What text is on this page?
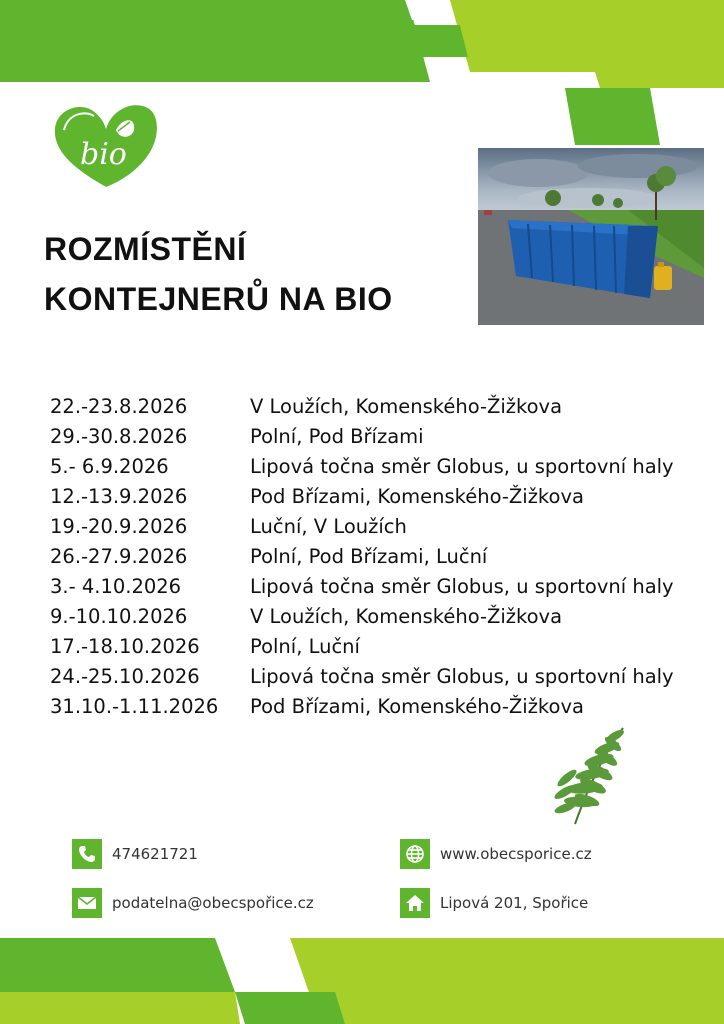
bio
ROZMÍSTĚNÍ
KONTEJNERŮ NA BIO
22.-23.8.2026	V Loužích, Komenského-Žižkova
29.-30.8.2026	Polní, Pod Břízami
5.- 6.9.2026	Lipová točna směr Globus, u sportovní haly
12.-13.9.2026	Pod Břízami, Komenského-Žižkova
19.-20.9.2026	Luční, V Loužích
26.-27.9.2026	Polní, Pod Břízami, Luční
3.- 4.10.2026	Lipová točna směr Globus, u sportovní haly
9.-10.10.2026	V Loužích, Komenského-Žižkova
17.-18.10.2026	Polní, Luční
24.-25.10.2026	Lipová točna směr Globus, u sportovní haly
31.10.-1.11.2026 Pod Břízami, Komenského-Žižkova
474621721	www.obecsporice.cz
podatelna@obecspořice.cz	Lipová 201, Spořice
